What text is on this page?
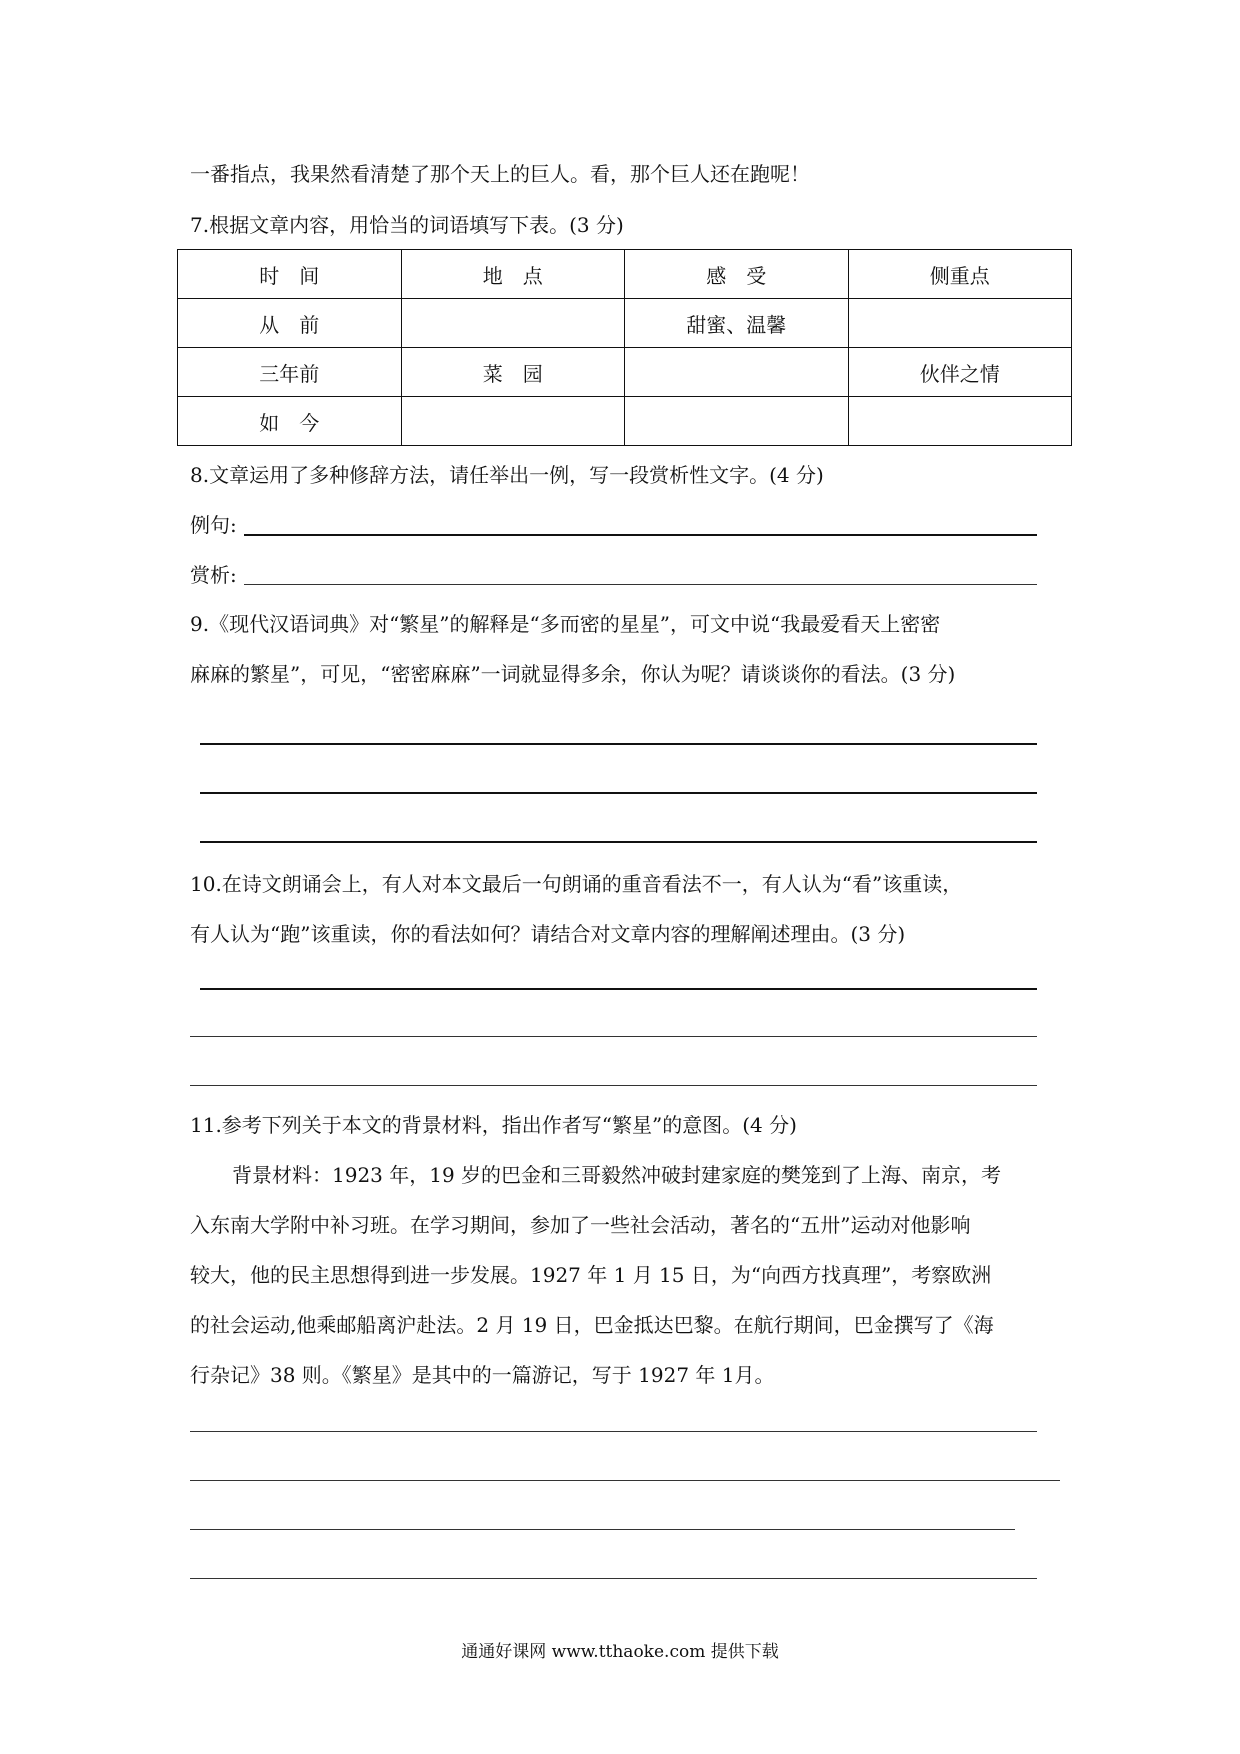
一番指点，我果然看清楚了那个天上的巨人。看，那个巨人还在跑呢！
7.根据文章内容，用恰当的词语填写下表。(3 分)
时　间	地　点	感　受	侧重点
从　前		甜蜜、温馨	
三年前	菜　园		伙伴之情
如　今			
8.文章运用了多种修辞方法，请任举出一例，写一段赏析性文字。(4 分)
例句:
赏析:
9.《现代汉语词典》对“繁星”的解释是“多而密的星星”，可文中说“我最爱看天上密密
麻麻的繁星”，可见，“密密麻麻”一词就显得多余，你认为呢？请谈谈你的看法。(3 分)
10.在诗文朗诵会上，有人对本文最后一句朗诵的重音看法不一，有人认为“看”该重读，
有人认为“跑”该重读，你的看法如何？请结合对文章内容的理解阐述理由。(3 分)
11.参考下列关于本文的背景材料，指出作者写“繁星”的意图。(4 分)
背景材料：1923 年，19 岁的巴金和三哥毅然冲破封建家庭的樊笼到了上海、南京，考
入东南大学附中补习班。在学习期间，参加了一些社会活动，著名的“五卅”运动对他影响
较大，他的民主思想得到进一步发展。1927 年 1 月 15 日，为“向西方找真理”，考察欧洲
的社会运动,他乘邮船离沪赴法。2 月 19 日，巴金抵达巴黎。在航行期间，巴金撰写了《海
行杂记》38 则。《繁星》是其中的一篇游记，写于 1927 年 1月。
通通好课网 www.tthaoke.com 提供下载
